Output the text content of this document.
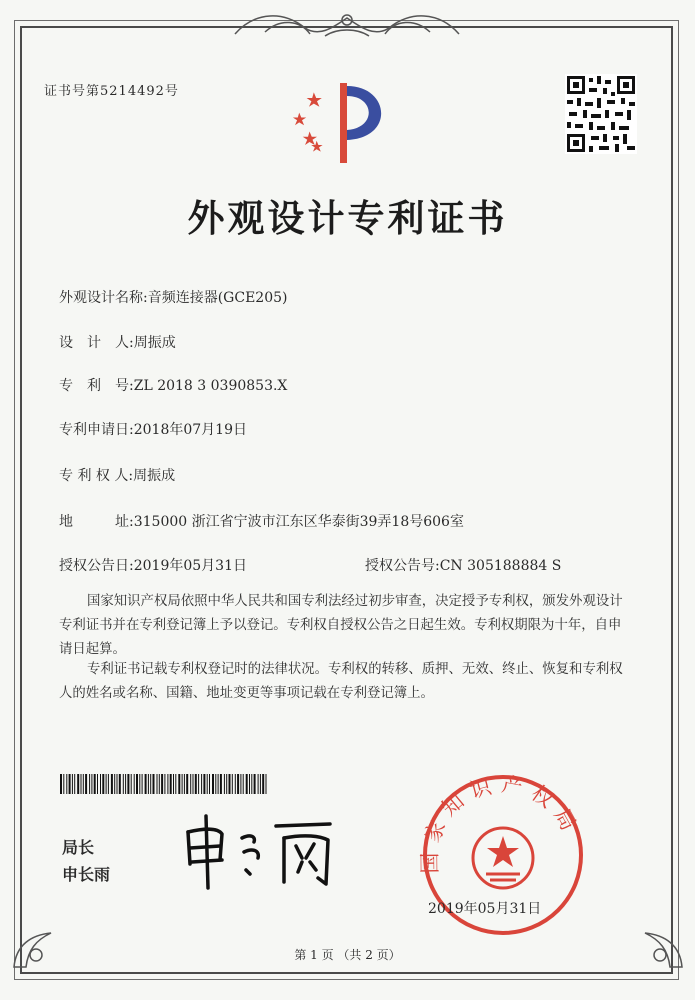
证书号第5214492号
外观设计专利证书
外观设计名称:音频连接器(GCE205)
设　计　人:周振成
专　利　号:ZL 2018 3 0390853.X
专利申请日:2018年07月19日
专 利 权 人:周振成
地　　　址:315000 浙江省宁波市江东区华泰街39弄18号606室
授权公告日:2019年05月31日	授权公告号:CN 305188884 S
国家知识产权局依照中华人民共和国专利法经过初步审查，决定授予专利权，颁发外观设计专利证书并在专利登记簿上予以登记。专利权自授权公告之日起生效。专利权期限为十年，自申请日起算。
专利证书记载专利权登记时的法律状况。专利权的转移、质押、无效、终止、恢复和专利权人的姓名或名称、国籍、地址变更等事项记载在专利登记簿上。
局长
申长雨
国家知识产权局
2019年05月31日
第 1 页 （共 2 页）
